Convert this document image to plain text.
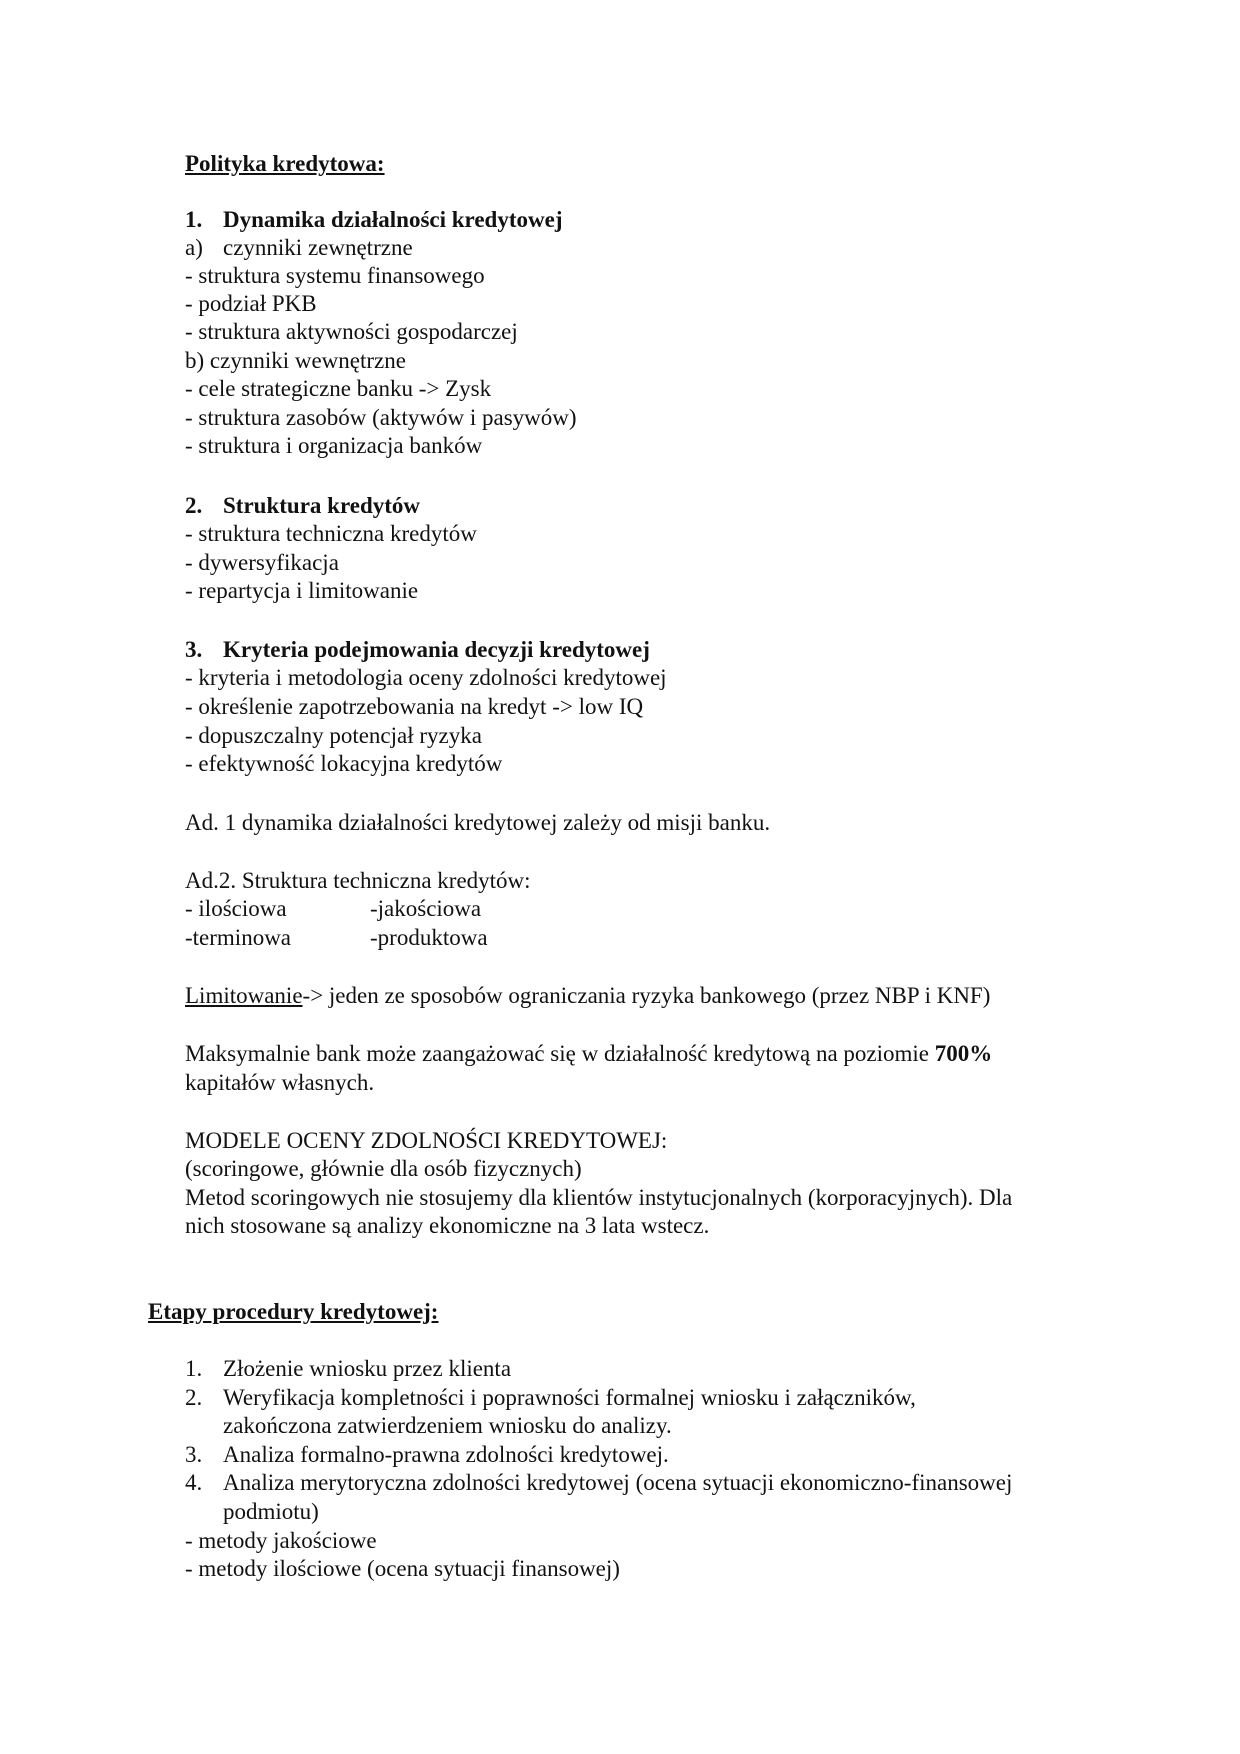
Polityka kredytowa:
1. Dynamika działalności kredytowej
a) czynniki zewnętrzne
- struktura systemu finansowego
- podział PKB
- struktura aktywności gospodarczej
b) czynniki wewnętrzne
- cele strategiczne banku -> Zysk
- struktura zasobów (aktywów i pasywów)
- struktura i organizacja banków
2. Struktura kredytów
- struktura techniczna kredytów
- dywersyfikacja
- repartycja i limitowanie
3. Kryteria podejmowania decyzji kredytowej
- kryteria i metodologia oceny zdolności kredytowej
- określenie zapotrzebowania na kredyt -> low IQ
- dopuszczalny potencjał ryzyka
- efektywność lokacyjna kredytów
Ad. 1 dynamika działalności kredytowej zależy od misji banku.
Ad.2. Struktura techniczna kredytów:
- ilościowa	-jakościowa
-terminowa	-produktowa
Limitowanie-> jeden ze sposobów ograniczania ryzyka bankowego (przez NBP i KNF)
Maksymalnie bank może zaangażować się w działalność kredytową na poziomie 700%
kapitałów własnych.
MODELE OCENY ZDOLNOŚCI KREDYTOWEJ:
(scoringowe, głównie dla osób fizycznych)
Metod scoringowych nie stosujemy dla klientów instytucjonalnych (korporacyjnych). Dla
nich stosowane są analizy ekonomiczne na 3 lata wstecz.
Etapy procedury kredytowej:
1. Złożenie wniosku przez klienta
2. Weryfikacja kompletności i poprawności formalnej wniosku i załączników,
zakończona zatwierdzeniem wniosku do analizy.
3. Analiza formalno-prawna zdolności kredytowej.
4. Analiza merytoryczna zdolności kredytowej (ocena sytuacji ekonomiczno-finansowej
podmiotu)
- metody jakościowe
- metody ilościowe (ocena sytuacji finansowej)
